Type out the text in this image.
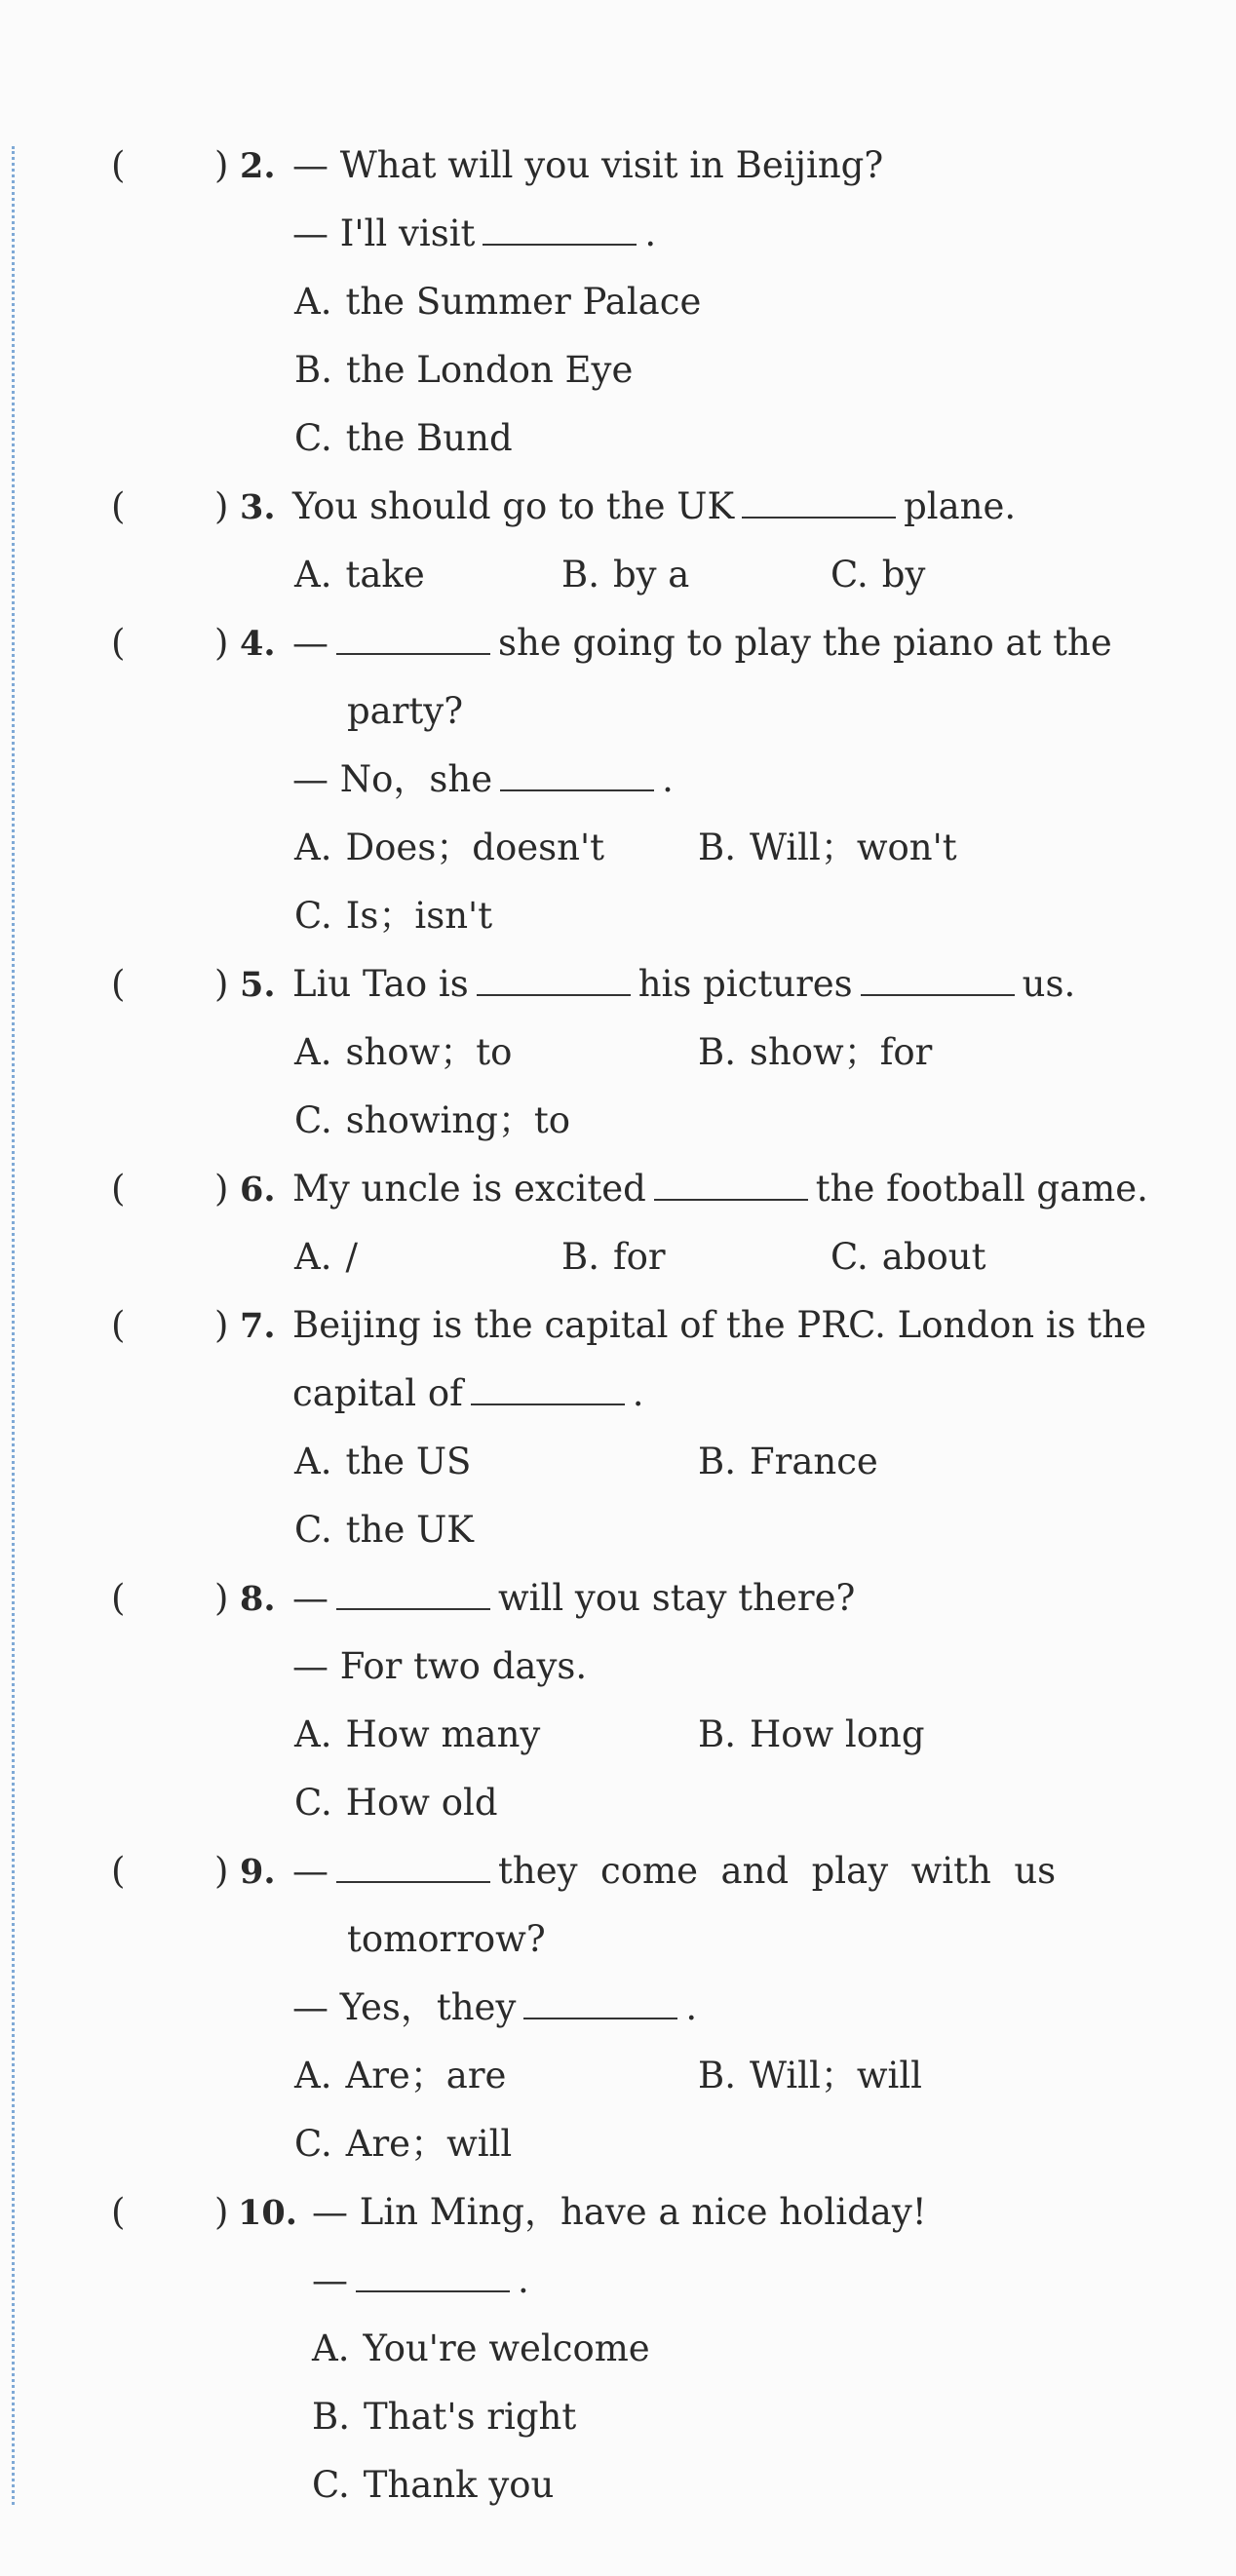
( ) 2. — What will you visit in Beijing?
— I'll visit	.
A. the Summer Palace
B. the London Eye
C. the Bund
( ) 3. You should go to the UK	plane.
A. take	B. by a	C. by
( ) 4. —	she going to play the piano at the
party?
— No，she	.
A. Does；doesn't	B. Will；won't
C. Is；isn't
( ) 5. Liu Tao is	his pictures	us.
A. show；to	B. show；for
C. showing；to
( ) 6. My uncle is excited	the football game.
A. /	B. for	C. about
( ) 7. Beijing is the capital of the PRC. London is the
capital of	.
A. the US	B. France
C. the UK
( ) 8. —	will you stay there?
— For two days.
A. How many	B. How long
C. How old
( ) 9. —	they  come  and  play  with  us
tomorrow?
— Yes，they	.
A. Are；are	B. Will；will
C. Are；will
( ) 10. — Lin Ming，have a nice holiday!
—	.
A. You're welcome
B. That's right
C. Thank you
